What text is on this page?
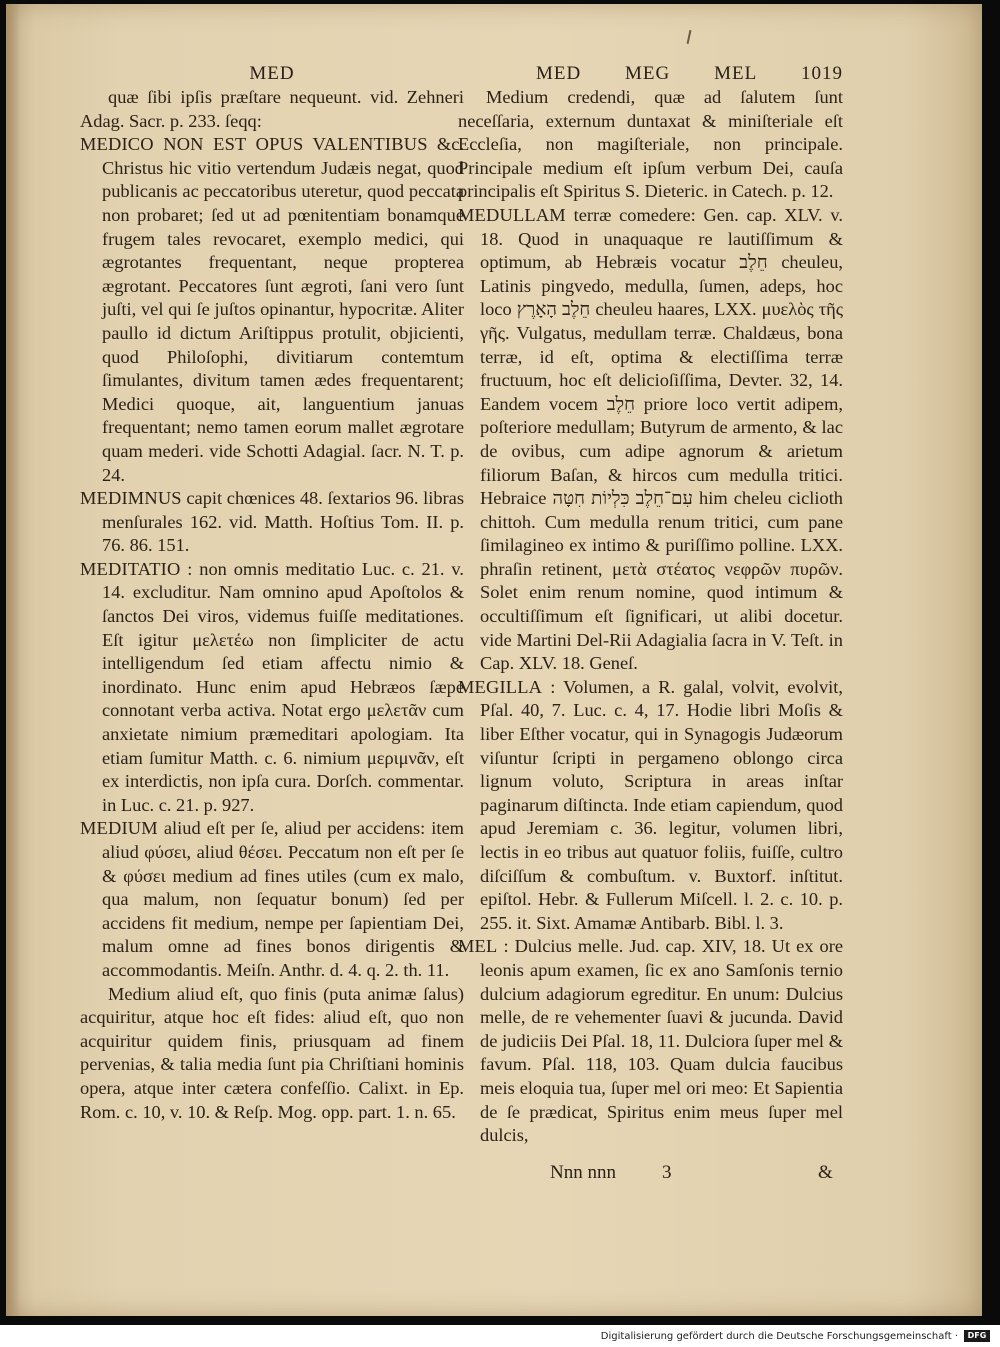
MED

quæ ſibi ipſis præſtare nequeunt. vid. Zehneri Adag. Sacr. p. 233. ſeqq:

MEDICO NON EST OPUS VALENTIBUS &c. Christus hic vitio vertendum Judæis negat, quod publicanis ac peccatoribus uteretur, quod peccata non probaret; ſed ut ad pœnitentiam bonamque frugem tales revocaret, exemplo medici, qui ægrotantes frequentant, neque propterea ægrotant. Peccatores ſunt ægroti, ſani vero ſunt juſti, vel qui ſe juſtos opinantur, hypocritæ. Aliter paullo id dictum Ariſtippus protulit, objicienti, quod Philoſophi, divitiarum contemtum ſimulantes, divitum tamen ædes frequentarent; Medici quoque, ait, languentium januas frequentant; nemo tamen eorum mallet ægrotare quam mederi. vide Schotti Adagial. ſacr. N. T. p. 24.

MEDIMNUS capit chœnices 48. ſextarios 96. libras menſurales 162. vid. Matth. Hoſtius Tom. II. p. 76. 86. 151.

MEDITATIO : non omnis meditatio Luc. c. 21. v. 14. excluditur. Nam omnino apud Apoſtolos & ſanctos Dei viros, videmus fuiſſe meditationes. Eſt igitur μελετέω non ſimpliciter de actu intelligendum ſed etiam affectu nimio & inordinato. Hunc enim apud Hebræos ſæpe connotant verba activa. Notat ergo μελετᾶν cum anxietate nimium præmeditari apologiam. Ita etiam ſumitur Matth. c. 6. nimium μεριμνᾶν, eſt ex interdictis, non ipſa cura. Dorſch. commentar. in Luc. c. 21. p. 927.

MEDIUM aliud eſt per ſe, aliud per accidens: item aliud φύσει, aliud θέσει. Peccatum non eſt per ſe & φύσει medium ad fines utiles (cum ex malo, qua malum, non ſequatur bonum) ſed per accidens fit medium, nempe per ſapientiam Dei, malum omne ad fines bonos dirigentis & accommodantis. Meiſn. Anthr. d. 4. q. 2. th. 11.

Medium aliud eſt, quo finis (puta animæ ſalus) acquiritur, atque hoc eſt fides: aliud eſt, quo non acquiritur quidem finis, priusquam ad finem pervenias, & talia media ſunt pia Chriſtiani hominis opera, atque inter cætera confeſſio. Calixt. in Ep. Rom. c. 10, v. 10. & Reſp. Mog. opp. part. 1. n. 65.

MED MEG MEL 1019

Medium credendi, quæ ad ſalutem ſunt neceſſaria, externum duntaxat & miniſteriale eſt Eccleſia, non magiſteriale, non principale. Principale medium eſt ipſum verbum Dei, cauſa principalis eſt Spiritus S. Dieteric. in Catech. p. 12.

MEDULLAM terræ comedere: Gen. cap. XLV. v. 18. Quod in unaquaque re lautiſſimum & optimum, ab Hebræis vocatur חֵלֶב cheuleu, Latinis pingvedo, medulla, ſumen, adeps, hoc loco חֵלֶב הָאָרֶץ cheuleu haares, LXX. μυελὸς τῆς γῆς. Vulgatus, medullam terræ. Chaldæus, bona terræ, id eſt, optima & electiſſima terræ fructuum, hoc eſt delicioſiſſima, Devter. 32, 14. Eandem vocem חֵלֶב priore loco vertit adipem, poſteriore medullam; Butyrum de armento, & lac de ovibus, cum adipe agnorum & arietum filiorum Baſan, & hircos cum medulla tritici. Hebraice עִם־חֵלֶב כִּלְיוֹת חִטָּה him cheleu ciclioth chittoh. Cum medulla renum tritici, cum pane ſimilagineo ex intimo & puriſſimo polline. LXX. phraſin retinent, μετὰ στέατος νεφρῶν πυρῶν. Solet enim renum nomine, quod intimum & occultiſſimum eſt ſignificari, ut alibi docetur. vide Martini Del-Rii Adagialia ſacra in V. Teſt. in Cap. XLV. 18. Geneſ.

MEGILLA : Volumen, a R. galal, volvit, evolvit, Pſal. 40, 7. Luc. c. 4, 17. Hodie libri Moſis & liber Eſther vocatur, qui in Synagogis Judæorum viſuntur ſcripti in pergameno oblongo circa lignum voluto, Scriptura in areas inſtar paginarum diſtincta. Inde etiam capiendum, quod apud Jeremiam c. 36. legitur, volumen libri, lectis in eo tribus aut quatuor foliis, fuiſſe, cultro diſciſſum & combuſtum. v. Buxtorf. inſtitut. epiſtol. Hebr. & Fullerum Miſcell. l. 2. c. 10. p. 255. it. Sixt. Amamæ Antibarb. Bibl. l. 3.

MEL : Dulcius melle. Jud. cap. XIV, 18. Ut ex ore leonis apum examen, ſic ex ano Samſonis ternio dulcium adagiorum egreditur. En unum: Dulcius melle, de re vehementer ſuavi & jucunda. David de judiciis Dei Pſal. 18, 11. Dulciora ſuper mel & favum. Pſal. 118, 103. Quam dulcia faucibus meis eloquia tua, ſuper mel ori meo: Et Sapientia de ſe prædicat, Spiritus enim meus ſuper mel dulcis,

Nnn nnn 3	&
Digitalisierung gefördert durch die Deutsche Forschungsgemeinschaft ·	DFG
